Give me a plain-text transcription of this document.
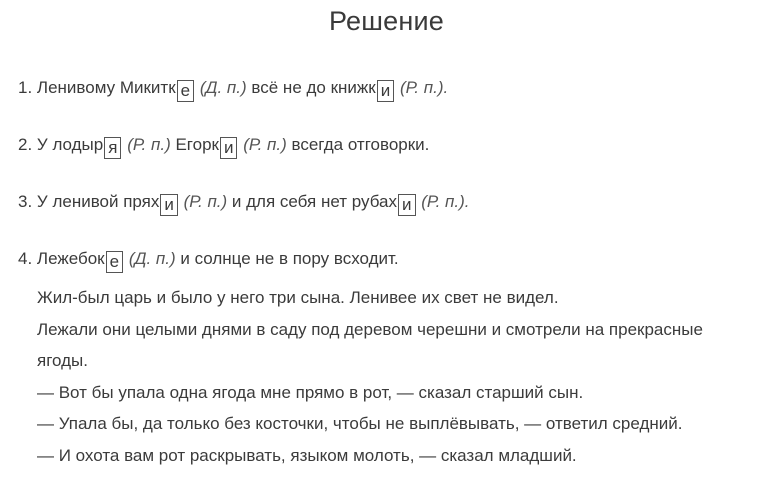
Решение
1. Ленивому Микитк е (Д. п.) всё не до книжк и (Р. п.).
2. У лодыр я (Р. п.) Егорк и (Р. п.) всегда отговорки.
3. У ленивой прях и (Р. п.) и для себя нет рубах и (Р. п.).
4. Лежебок е (Д. п.) и солнце не в пору всходит.
Жил-был царь и было у него три сына. Ленивее их свет не видел.
Лежали они целыми днями в саду под деревом черешни и смотрели на прекрасные
ягоды.
— Вот бы упала одна ягода мне прямо в рот, — сказал старший сын.
— Упала бы, да только без косточки, чтобы не выплёвывать, — ответил средний.
— И охота вам рот раскрывать, языком молоть, — сказал младший.
